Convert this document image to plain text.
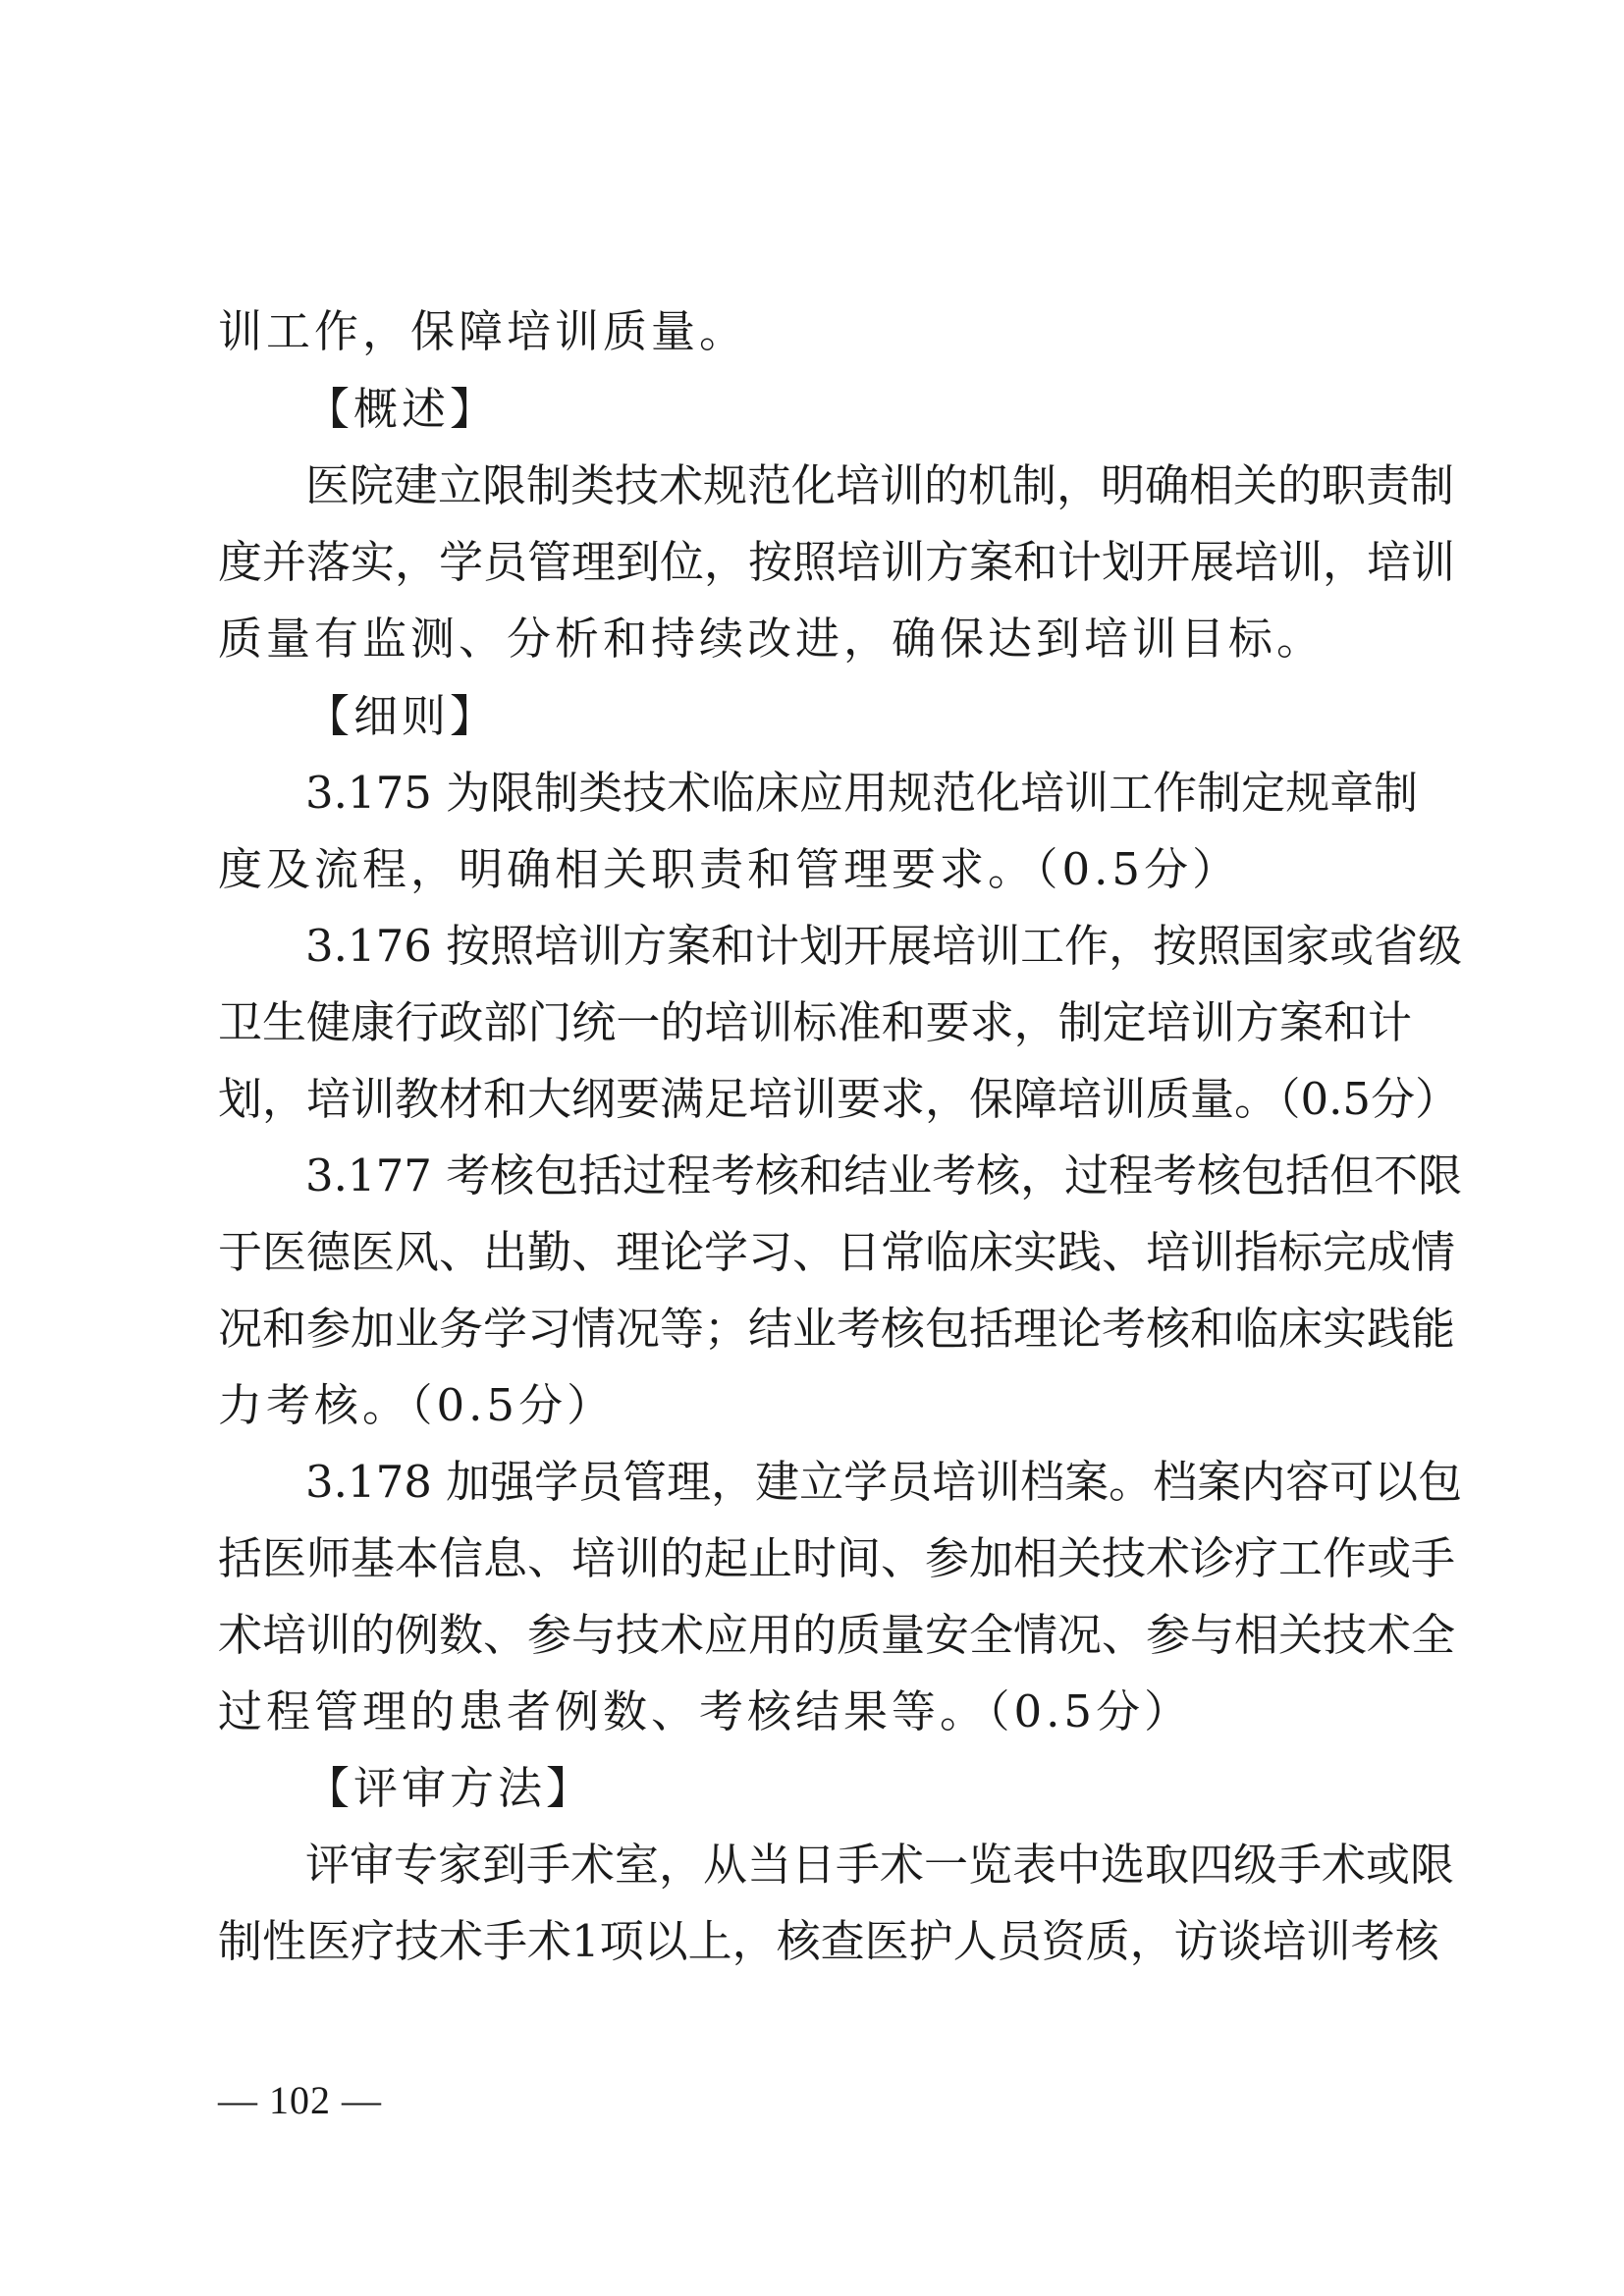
训工作，保障培训质量。
【概述】
医院建立限制类技术规范化培训的机制，明确相关的职责制
度并落实，学员管理到位，按照培训方案和计划开展培训，培训
质量有监测、分析和持续改进，确保达到培训目标。
【细则】
3.175 为限制类技术临床应用规范化培训工作制定规章制
度及流程，明确相关职责和管理要求。（0.5分）
3.176 按照培训方案和计划开展培训工作，按照国家或省级
卫生健康行政部门统一的培训标准和要求，制定培训方案和计
划，培训教材和大纲要满足培训要求，保障培训质量。（0.5分）
3.177 考核包括过程考核和结业考核，过程考核包括但不限
于医德医风、出勤、理论学习、日常临床实践、培训指标完成情
况和参加业务学习情况等；结业考核包括理论考核和临床实践能
力考核。（0.5分）
3.178 加强学员管理，建立学员培训档案。档案内容可以包
括医师基本信息、培训的起止时间、参加相关技术诊疗工作或手
术培训的例数、参与技术应用的质量安全情况、参与相关技术全
过程管理的患者例数、考核结果等。（0.5分）
【评审方法】
评审专家到手术室，从当日手术一览表中选取四级手术或限
制性医疗技术手术1项以上，核查医护人员资质，访谈培训考核
— 102 —
